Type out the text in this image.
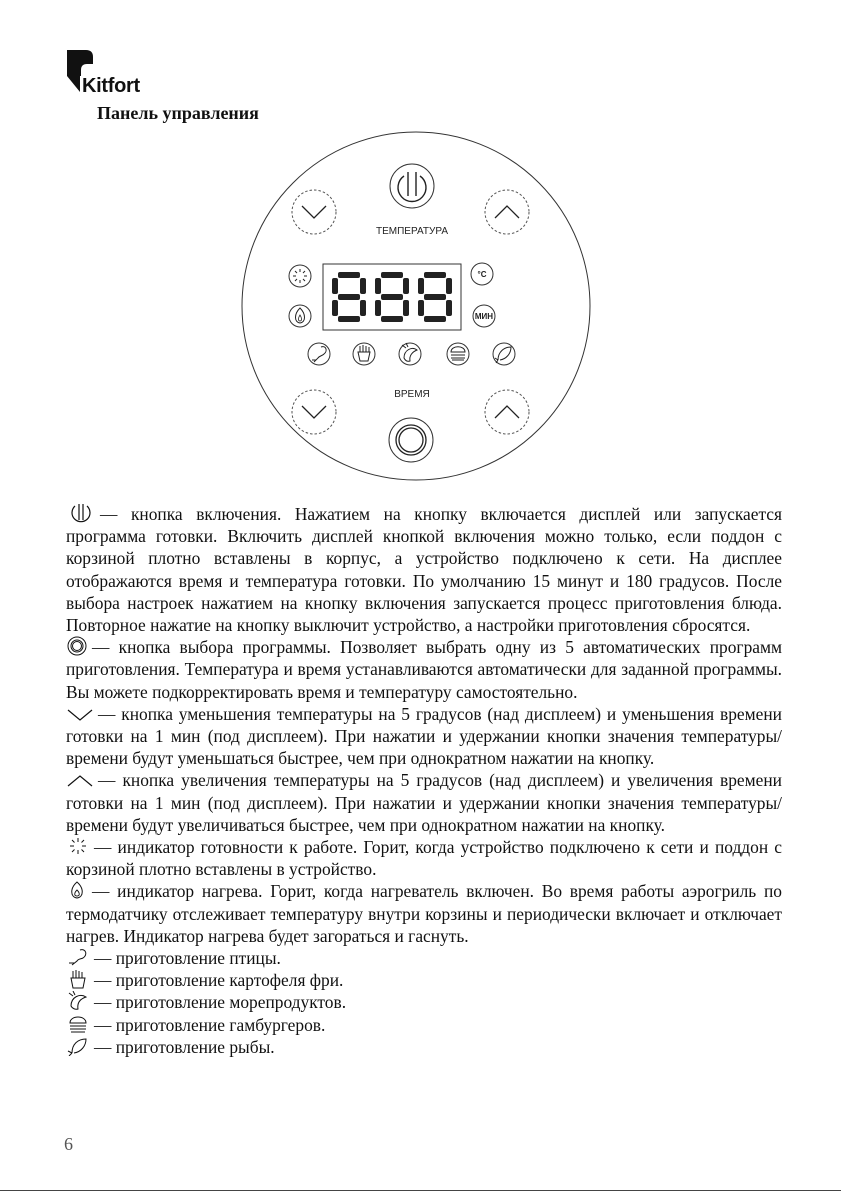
Kitfort
Панель управления
ТЕМПЕРАТУРА
°C
МИН
ВРЕМЯ

— кнопка включения. Нажатием на кнопку включается дисплей или запускается программа готовки. Включить дисплей кнопкой включения можно только, если поддон с корзиной плотно вставлены в корпус, а устройство подключено к сети. На дисплее отображаются время и температура готовки. По умолчанию 15 минут и 180 градусов. После выбора настроек нажатием на кнопку включения запускается процесс приготовления блюда. Повторное нажатие на кнопку выключит устройство, а настройки приготовления сбросятся.

— кнопка выбора программы. Позволяет выбрать одну из 5 автоматических программ приготовления. Температура и время устанавливаются автоматически для заданной программы. Вы можете подкорректировать время и температуру самостоятельно.

— кнопка уменьшения температуры на 5 градусов (над дисплеем) и уменьшения времени готовки на 1 мин (под дисплеем). При нажатии и удержании кнопки значения температуры/времени будут уменьшаться быстрее, чем при однократном нажатии на кнопку.

— кнопка увеличения температуры на 5 градусов (над дисплеем) и увеличения времени готовки на 1 мин (под дисплеем). При нажатии и удержании кнопки значения температуры/времени будут увеличиваться быстрее, чем при однократном нажатии на кнопку.

— индикатор готовности к работе. Горит, когда устройство подключено к сети и поддон с корзиной плотно вставлены в устройство.

— индикатор нагрева. Горит, когда нагреватель включен. Во время работы аэрогриль по термодатчику отслеживает температуру внутри корзины и периодически включает и отключает нагрев. Индикатор нагрева будет загораться и гаснуть.

— приготовление птицы.

— приготовление картофеля фри.

— приготовление морепродуктов.

— приготовление гамбургеров.

— приготовление рыбы.

6
